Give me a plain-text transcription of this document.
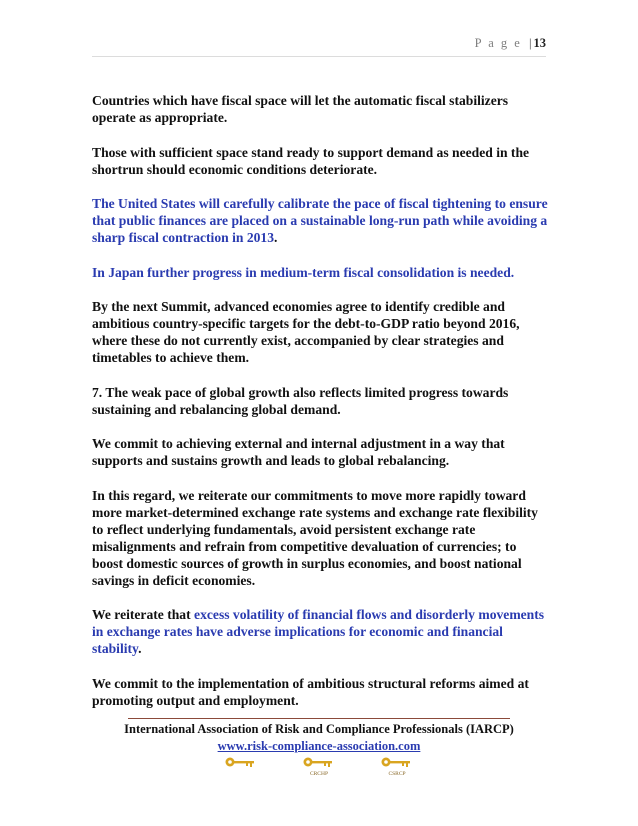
P a g e | 13

Countries which have fiscal space will let the automatic fiscal stabilizers operate as appropriate.

Those with sufficient space stand ready to support demand as needed in the shortrun should economic conditions deteriorate.

The United States will carefully calibrate the pace of fiscal tightening to ensure that public finances are placed on a sustainable long-run path while avoiding a sharp fiscal contraction in 2013.

In Japan further progress in medium-term fiscal consolidation is needed.

By the next Summit, advanced economies agree to identify credible and ambitious country-specific targets for the debt-to-GDP ratio beyond 2016, where these do not currently exist, accompanied by clear strategies and timetables to achieve them.

7. The weak pace of global growth also reflects limited progress towards sustaining and rebalancing global demand.

We commit to achieving external and internal adjustment in a way that supports and sustains growth and leads to global rebalancing.

In this regard, we reiterate our commitments to move more rapidly toward more market-determined exchange rate systems and exchange rate flexibility to reflect underlying fundamentals, avoid persistent exchange rate misalignments and refrain from competitive devaluation of currencies; to boost domestic sources of growth in surplus economies, and boost national savings in deficit economies.

We reiterate that excess volatility of financial flows and disorderly movements in exchange rates have adverse implications for economic and financial stability.

We commit to the implementation of ambitious structural reforms aimed at promoting output and employment.

International Association of Risk and Compliance Professionals (IARCP)
www.risk-compliance-association.com
CRCHP	CSRCP
